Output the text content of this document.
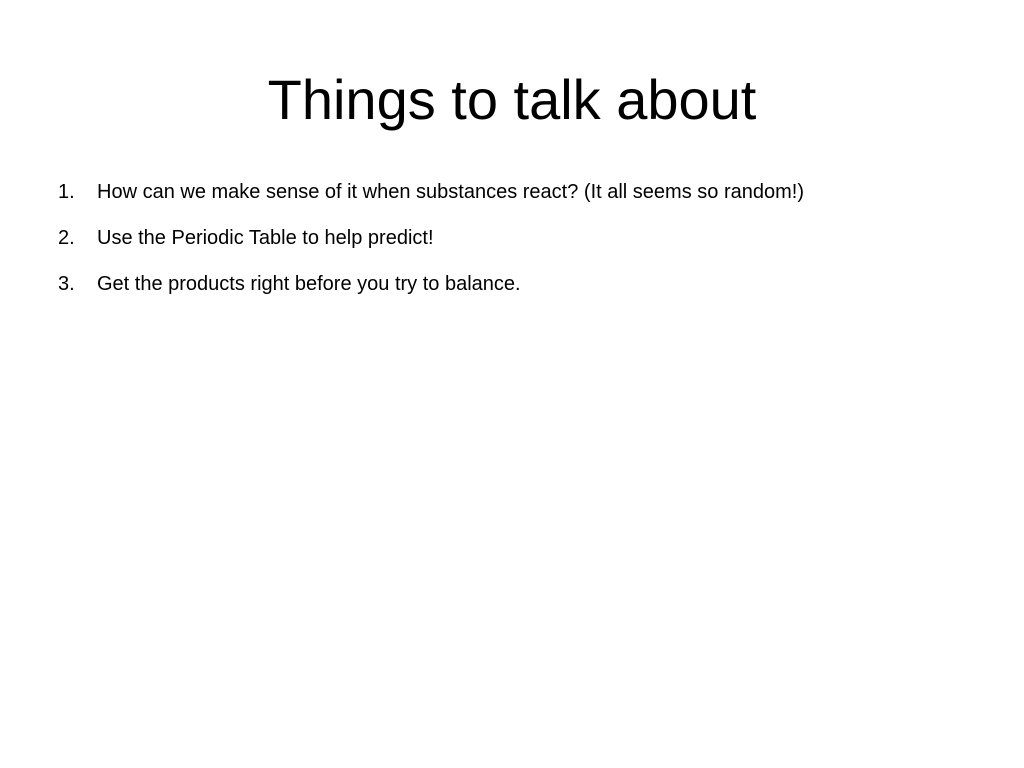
Things to talk about
1.	How can we make sense of it when substances react? (It all seems so random!)
2.	Use the Periodic Table to help predict!
3.	Get the products right before you try to balance.
